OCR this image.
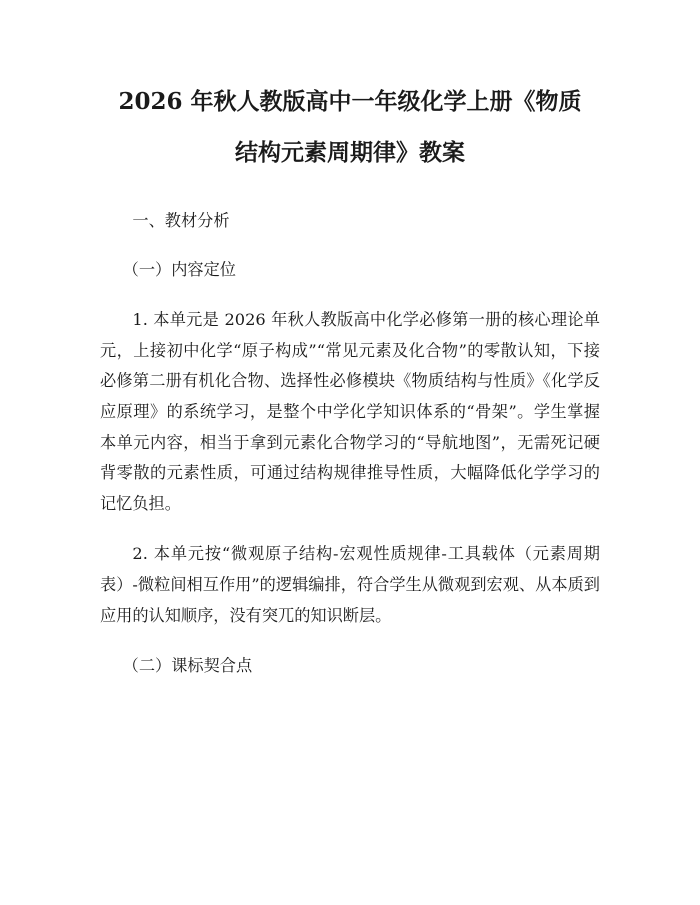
2026 年秋人教版高中一年级化学上册《物质
结构元素周期律》教案
一、教材分析
（一）内容定位
1. 本单元是 2026 年秋人教版高中化学必修第一册的核心理论单元，上接初中化学“原子构成”“常见元素及化合物”的零散认知，下接必修第二册有机化合物、选择性必修模块《物质结构与性质》《化学反应原理》的系统学习，是整个中学化学知识体系的“骨架”。学生掌握本单元内容，相当于拿到元素化合物学习的“导航地图”，无需死记硬背零散的元素性质，可通过结构规律推导性质，大幅降低化学学习的记忆负担。
2. 本单元按“微观原子结构-宏观性质规律-工具载体（元素周期表）-微粒间相互作用”的逻辑编排，符合学生从微观到宏观、从本质到应用的认知顺序，没有突兀的知识断层。
（二）课标契合点
